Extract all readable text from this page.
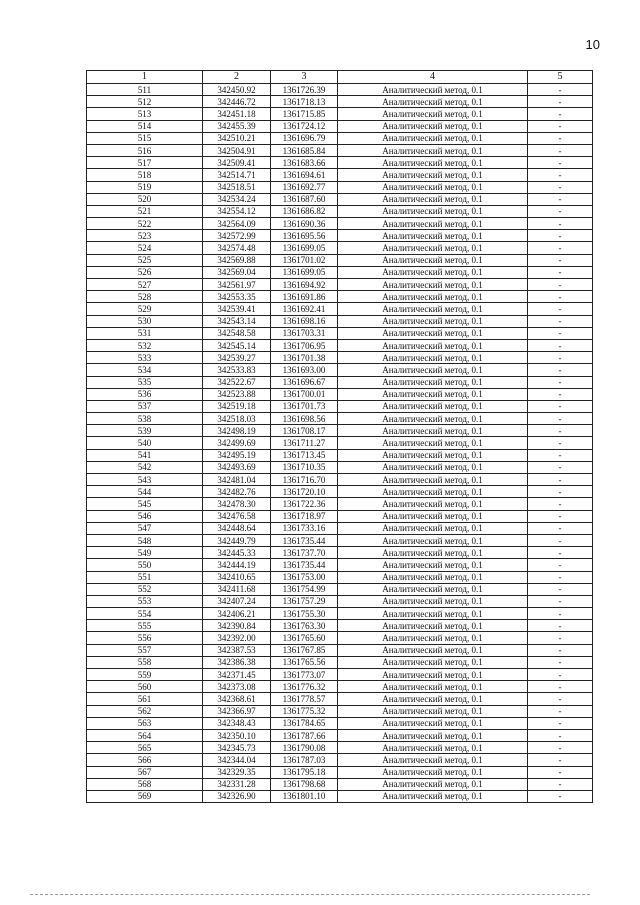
10
1	2	3	4	5
511	342450.92	1361726.39	Аналитический метод, 0.1	-
512	342446.72	1361718.13	Аналитический метод, 0.1	-
513	342451.18	1361715.85	Аналитический метод, 0.1	-
514	342455.39	1361724.12	Аналитический метод, 0.1	-
515	342510.21	1361696.79	Аналитический метод, 0.1	-
516	342504.91	1361685.84	Аналитический метод, 0.1	-
517	342509.41	1361683.66	Аналитический метод, 0.1	-
518	342514.71	1361694.61	Аналитический метод, 0.1	-
519	342518.51	1361692.77	Аналитический метод, 0.1	-
520	342534.24	1361687.60	Аналитический метод, 0.1	-
521	342554.12	1361686.82	Аналитический метод, 0.1	-
522	342564.09	1361690.36	Аналитический метод, 0.1	-
523	342572.99	1361695.56	Аналитический метод, 0.1	-
524	342574.48	1361699.05	Аналитический метод, 0.1	-
525	342569.88	1361701.02	Аналитический метод, 0.1	-
526	342569.04	1361699.05	Аналитический метод, 0.1	-
527	342561.97	1361694.92	Аналитический метод, 0.1	-
528	342553.35	1361691.86	Аналитический метод, 0.1	-
529	342539.41	1361692.41	Аналитический метод, 0.1	-
530	342543.14	1361698.16	Аналитический метод, 0.1	-
531	342548.58	1361703.31	Аналитический метод, 0.1	-
532	342545.14	1361706.95	Аналитический метод, 0.1	-
533	342539.27	1361701.38	Аналитический метод, 0.1	-
534	342533.83	1361693.00	Аналитический метод, 0.1	-
535	342522.67	1361696.67	Аналитический метод, 0.1	-
536	342523.88	1361700.01	Аналитический метод, 0.1	-
537	342519.18	1361701.73	Аналитический метод, 0.1	-
538	342518.03	1361698.56	Аналитический метод, 0.1	-
539	342498.19	1361708.17	Аналитический метод, 0.1	-
540	342499.69	1361711.27	Аналитический метод, 0.1	-
541	342495.19	1361713.45	Аналитический метод, 0.1	-
542	342493.69	1361710.35	Аналитический метод, 0.1	-
543	342481.04	1361716.70	Аналитический метод, 0.1	-
544	342482.76	1361720.10	Аналитический метод, 0.1	-
545	342478.30	1361722.36	Аналитический метод, 0.1	-
546	342476.58	1361718.97	Аналитический метод, 0.1	-
547	342448.64	1361733.16	Аналитический метод, 0.1	-
548	342449.79	1361735.44	Аналитический метод, 0.1	-
549	342445.33	1361737.70	Аналитический метод, 0.1	-
550	342444.19	1361735.44	Аналитический метод, 0.1	-
551	342410.65	1361753.00	Аналитический метод, 0.1	-
552	342411.68	1361754.99	Аналитический метод, 0.1	-
553	342407.24	1361757.29	Аналитический метод, 0.1	-
554	342406.21	1361755.30	Аналитический метод, 0.1	-
555	342390.84	1361763.30	Аналитический метод, 0.1	-
556	342392.00	1361765.60	Аналитический метод, 0.1	-
557	342387.53	1361767.85	Аналитический метод, 0.1	-
558	342386.38	1361765.56	Аналитический метод, 0.1	-
559	342371.45	1361773.07	Аналитический метод, 0.1	-
560	342373.08	1361776.32	Аналитический метод, 0.1	-
561	342368.61	1361778.57	Аналитический метод, 0.1	-
562	342366.97	1361775.32	Аналитический метод, 0.1	-
563	342348.43	1361784.65	Аналитический метод, 0.1	-
564	342350.10	1361787.66	Аналитический метод, 0.1	-
565	342345.73	1361790.08	Аналитический метод, 0.1	-
566	342344.04	1361787.03	Аналитический метод, 0.1	-
567	342329.35	1361795.18	Аналитический метод, 0.1	-
568	342331.28	1361798.68	Аналитический метод, 0.1	-
569	342326.90	1361801.10	Аналитический метод, 0.1	-
